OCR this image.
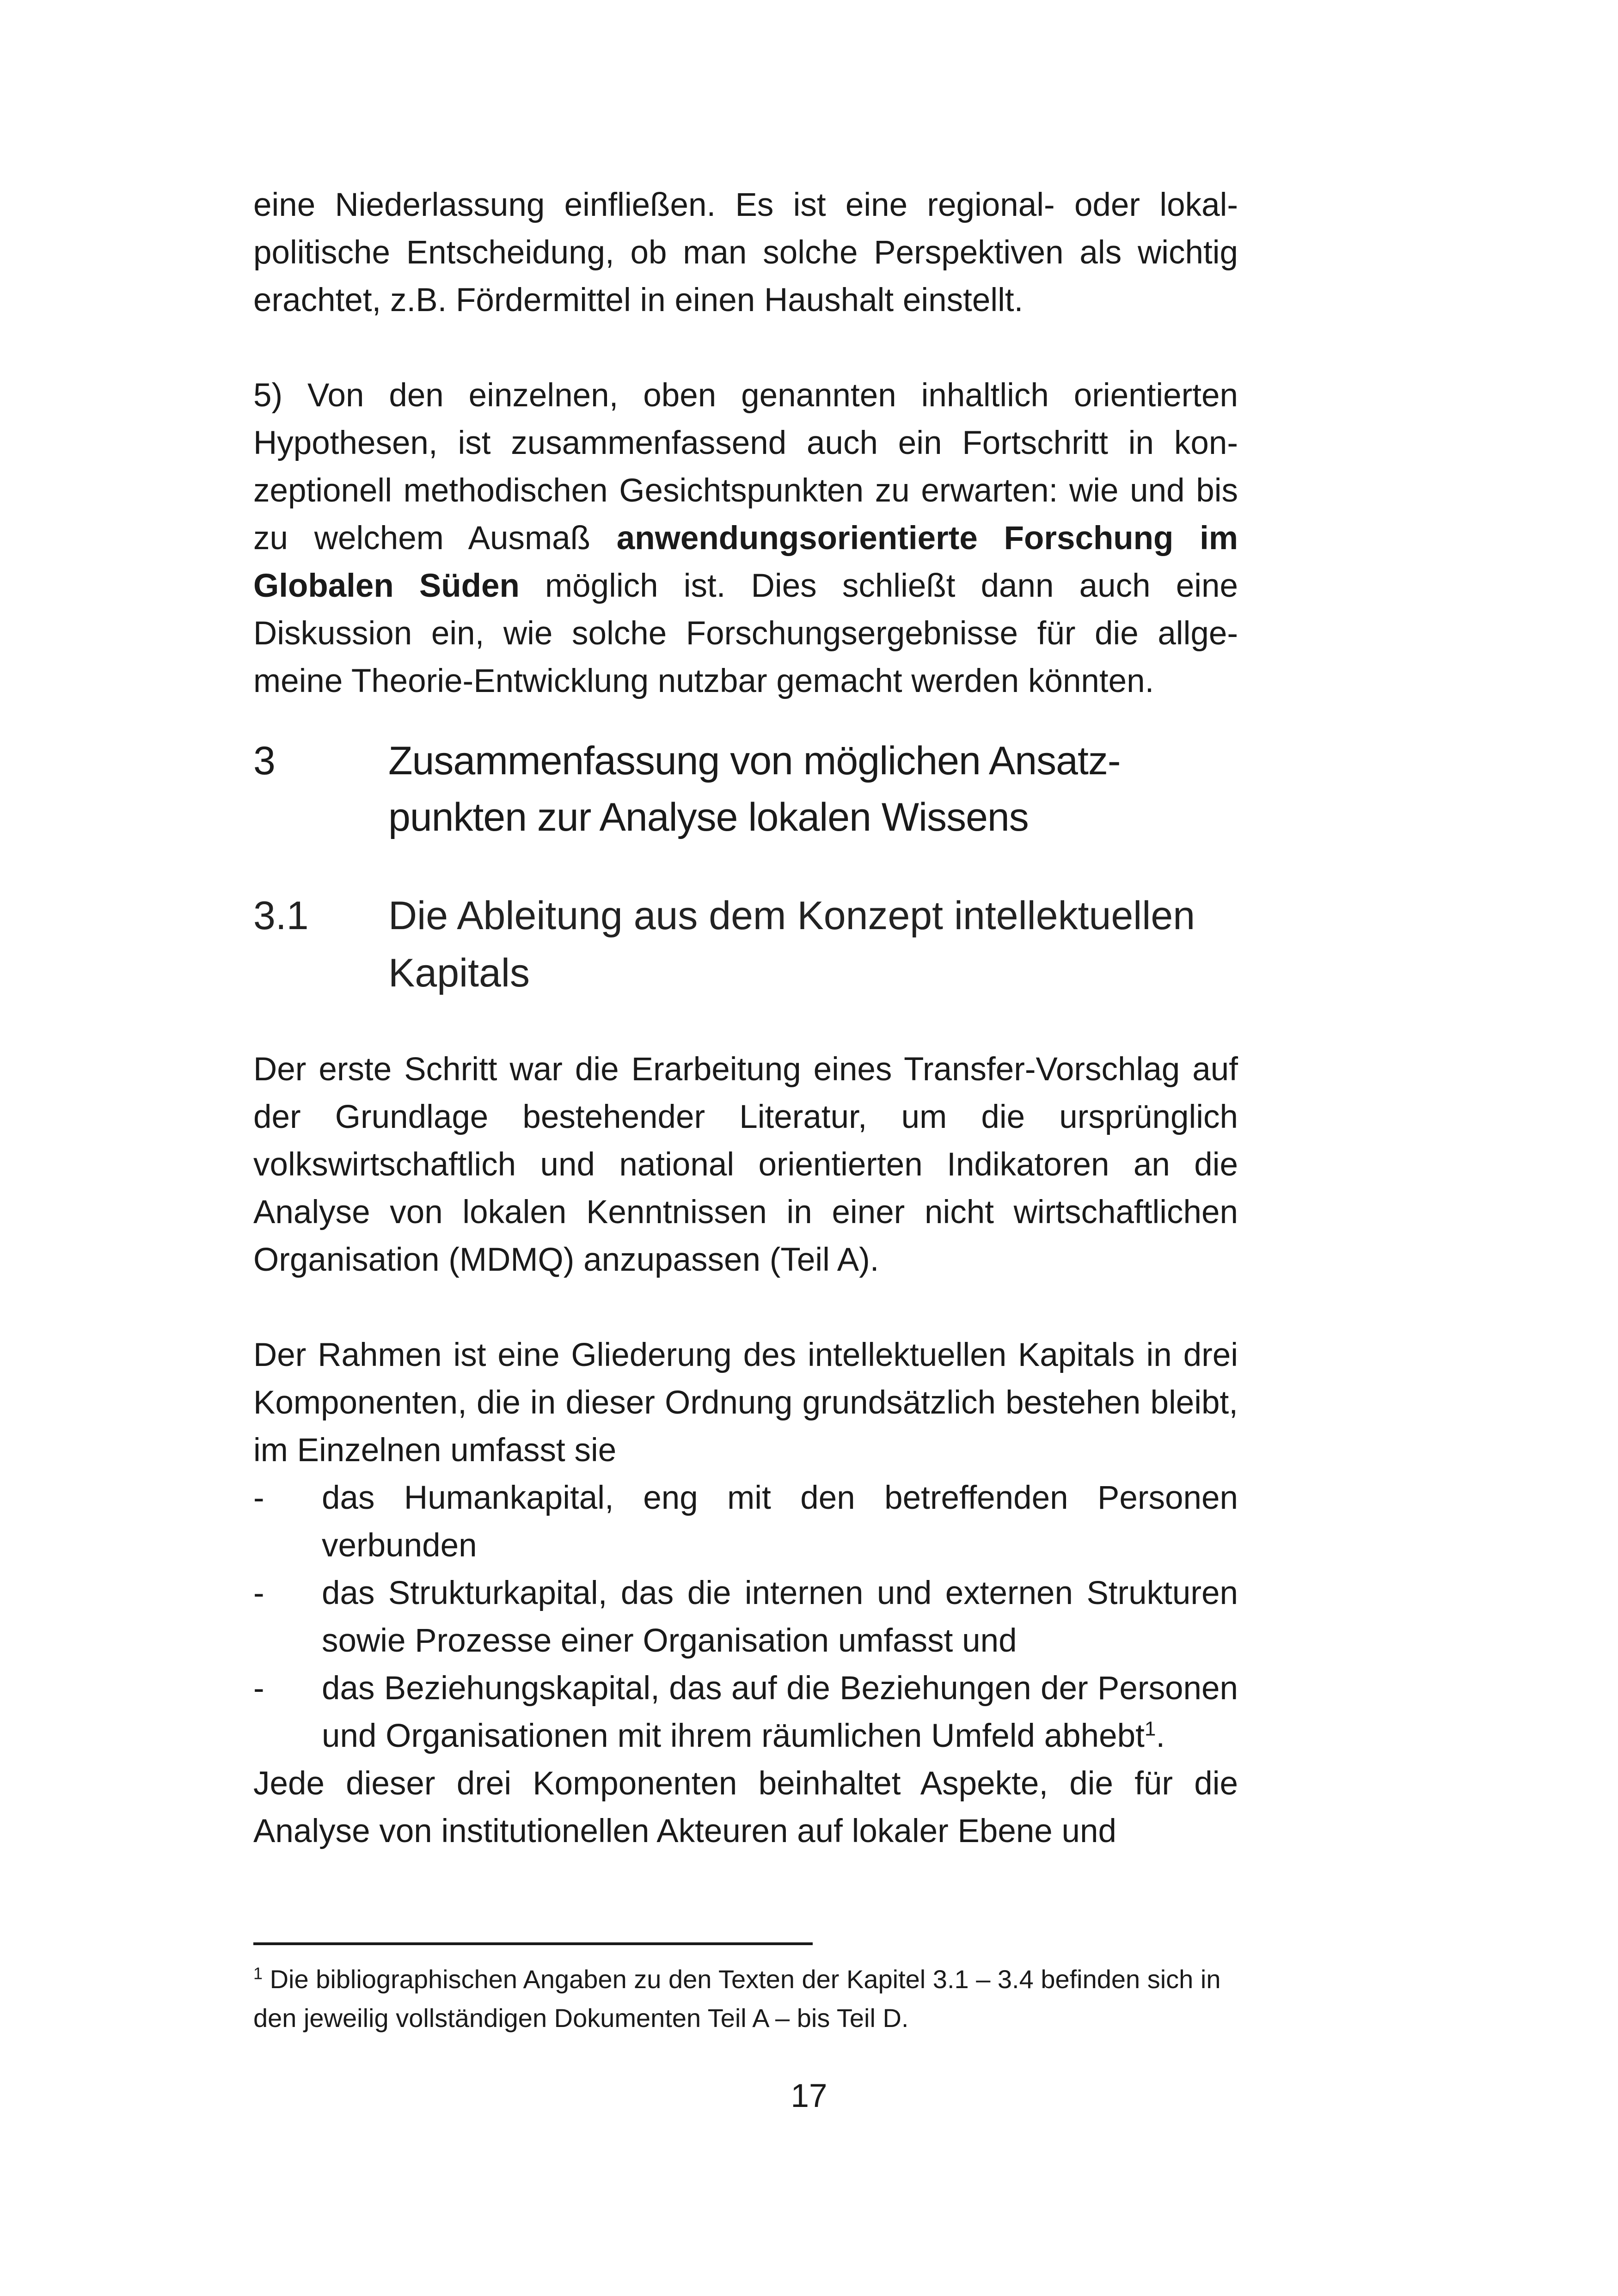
eine Niederlassung einfließen. Es ist eine regional- oder lokalpolitische Entscheidung, ob man solche Perspektiven als wichtig erachtet, z.B. Fördermittel in einen Haushalt einstellt.

5) Von den einzelnen, oben genannten inhaltlich orientierten Hypothesen, ist zusammenfassend auch ein Fortschritt in konzeptionell methodischen Gesichtspunkten zu erwarten: wie und bis zu welchem Ausmaß anwendungsorientierte Forschung im Globalen Süden möglich ist. Dies schließt dann auch eine Diskussion ein, wie solche Forschungsergebnisse für die allgemeine Theorie-Entwicklung nutzbar gemacht werden könnten.

3	Zusammenfassung von möglichen Ansatzpunkten zur Analyse lokalen Wissens
3.1 Die Ableitung aus dem Konzept intellektuellen Kapitals

Der erste Schritt war die Erarbeitung eines Transfer-Vorschlag auf der Grundlage bestehender Literatur, um die ursprünglich volkswirtschaftlich und national orientierten Indikatoren an die Analyse von lokalen Kenntnissen in einer nicht wirtschaftlichen Organisation (MDMQ) anzupassen (Teil A).

Der Rahmen ist eine Gliederung des intellektuellen Kapitals in drei Komponenten, die in dieser Ordnung grundsätzlich bestehen bleibt, im Einzelnen umfasst sie

- das Humankapital, eng mit den betreffenden Personen verbunden
- das Strukturkapital, das die internen und externen Strukturen sowie Prozesse einer Organisation umfasst und
- das Beziehungskapital, das auf die Beziehungen der Personen und Organisationen mit ihrem räumlichen Umfeld abhebt$^1$.

Jede dieser drei Komponenten beinhaltet Aspekte, die für die Analyse von institutionellen Akteuren auf lokaler Ebene und

$^1$ Die bibliographischen Angaben zu den Texten der Kapitel 3.1 – 3.4 befinden sich in den jeweilig vollständigen Dokumenten Teil A – bis Teil D.
17
